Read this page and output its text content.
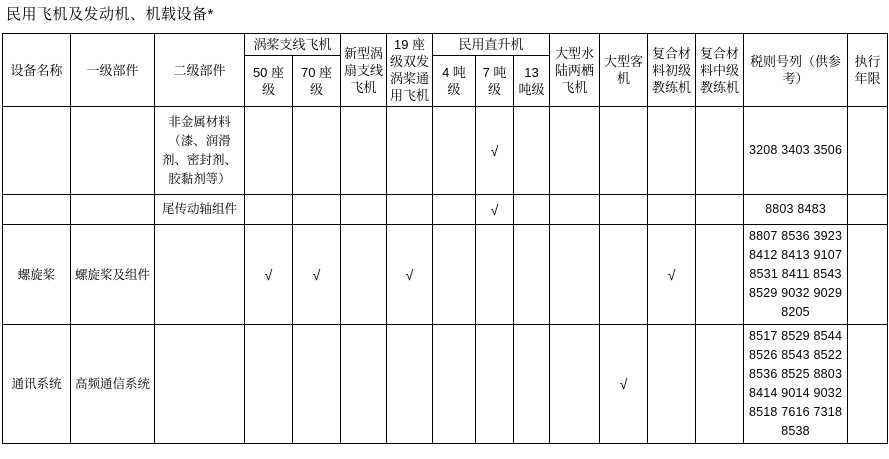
民用飞机及发动机、机载设备*
设备名称	一级部件	二级部件	涡桨支线飞机		新型涡扇支线飞机	19 座级双发涡桨通用飞机	民用直升机			大型水陆两栖飞机	大型客机	复合材料初级教练机	复合材料中级教练机	税则号列（供参考）	执行年限
			50 座级	70 座级			4 吨级	7 吨级	13 吨级						

		非金属材料（漆、润滑剂、密封剂、胶黏剂等）						√						3208 3403 3506	
		尾传动轴组件						√						8803 8483	
螺旋桨	螺旋桨及组件		√	√		√						√		8807 8536 3923 8412 8413 9107 8531 8411 8543 8529 9032 9029 8205	
通讯系统	高频通信系统										√			8517 8529 8544 8526 8543 8522 8536 8525 8803 8414 9014 9032 8518 7616 7318 8538	
